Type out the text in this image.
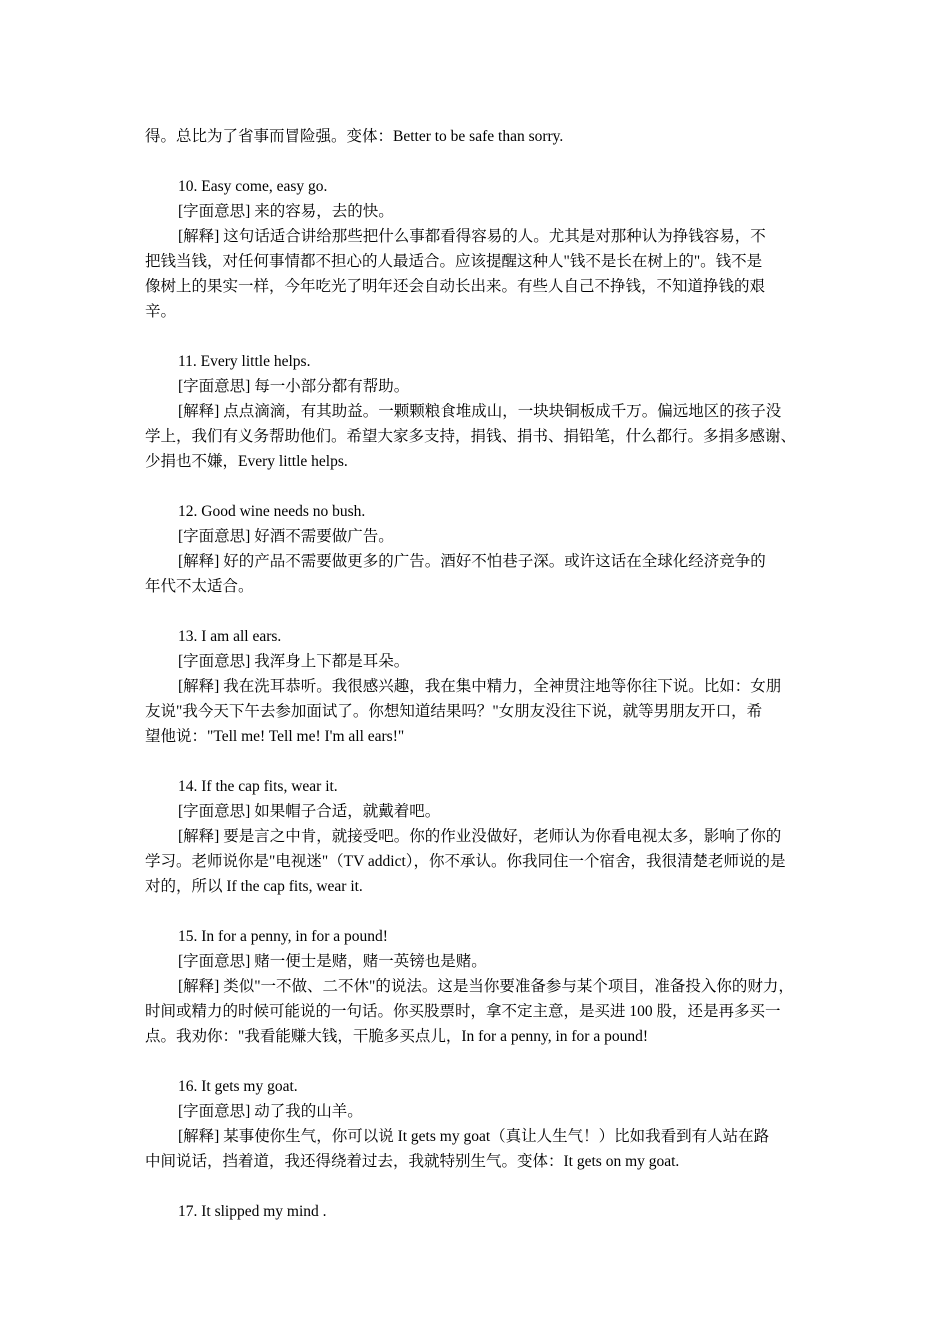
得。总比为了省事而冒险强。变体：Better to be safe than sorry.
10. Easy come, easy go.
[字面意思] 来的容易，去的快。
[解释] 这句话适合讲给那些把什么事都看得容易的人。尤其是对那种认为挣钱容易，不
把钱当钱，对任何事情都不担心的人最适合。应该提醒这种人"钱不是长在树上的"。钱不是
像树上的果实一样，今年吃光了明年还会自动长出来。有些人自己不挣钱，不知道挣钱的艰
辛。
11. Every little helps.
[字面意思] 每一小部分都有帮助。
[解释] 点点滴滴，有其助益。一颗颗粮食堆成山，一块块铜板成千万。偏远地区的孩子没
学上，我们有义务帮助他们。希望大家多支持，捐钱、捐书、捐铅笔，什么都行。多捐多感谢、
少捐也不嫌，Every little helps.
12. Good wine needs no bush.
[字面意思] 好酒不需要做广告。
[解释] 好的产品不需要做更多的广告。酒好不怕巷子深。或许这话在全球化经济竞争的
年代不太适合。
13. I am all ears.
[字面意思] 我浑身上下都是耳朵。
[解释] 我在洗耳恭听。我很感兴趣，我在集中精力，全神贯注地等你往下说。比如：女朋
友说"我今天下午去参加面试了。你想知道结果吗？"女朋友没往下说，就等男朋友开口，希
望他说："Tell me! Tell me! I'm all ears!"
14. If the cap fits, wear it.
[字面意思] 如果帽子合适，就戴着吧。
[解释] 要是言之中肯，就接受吧。你的作业没做好，老师认为你看电视太多，影响了你的
学习。老师说你是"电视迷"（TV addict），你不承认。你我同住一个宿舍，我很清楚老师说的是
对的，所以 If the cap fits, wear it.
15. In for a penny, in for a pound!
[字面意思] 赌一便士是赌，赌一英镑也是赌。
[解释] 类似"一不做、二不休"的说法。这是当你要准备参与某个项目，准备投入你的财力，
时间或精力的时候可能说的一句话。你买股票时，拿不定主意，是买进 100 股，还是再多买一
点。我劝你："我看能赚大钱，干脆多买点儿，In for a penny, in for a pound!
16. It gets my goat.
[字面意思] 动了我的山羊。
[解释] 某事使你生气，你可以说 It gets my goat（真让人生气！）比如我看到有人站在路
中间说话，挡着道，我还得绕着过去，我就特别生气。变体：It gets on my goat.
17. It slipped my mind .
